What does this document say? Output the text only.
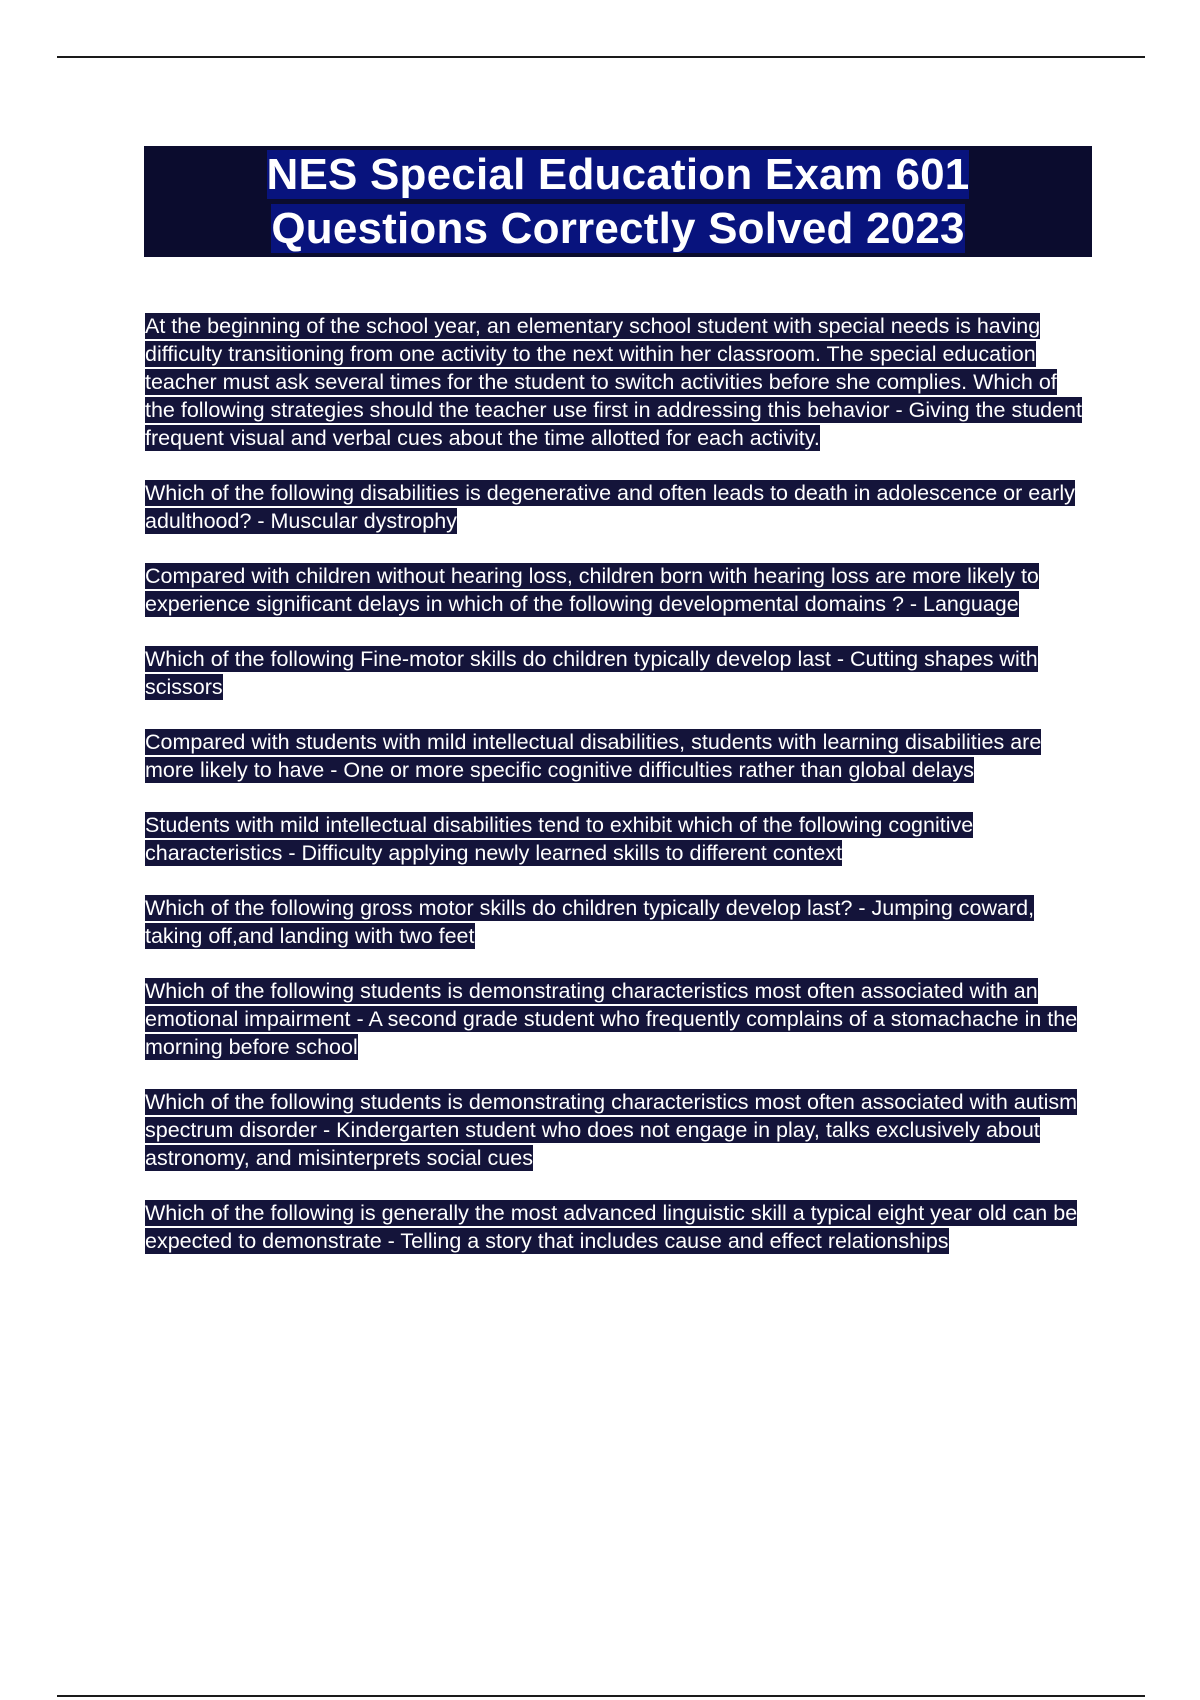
NES Special Education Exam 601
Questions Correctly Solved 2023

At the beginning of the school year, an elementary school student with special needs is having difficulty transitioning from one activity to the next within her classroom. The special education teacher must ask several times for the student to switch activities before she complies. Which of the following strategies should the teacher use first in addressing this behavior - Giving the student frequent visual and verbal cues about the time allotted for each activity.

Which of the following disabilities is degenerative and often leads to death in adolescence or early adulthood? - Muscular dystrophy

Compared with children without hearing loss, children born with hearing loss are more likely to experience significant delays in which of the following developmental domains ? - Language

Which of the following Fine-motor skills do children typically develop last - Cutting shapes with scissors

Compared with students with mild intellectual disabilities, students with learning disabilities are more likely to have - One or more specific cognitive difficulties rather than global delays

Students with mild intellectual disabilities tend to exhibit which of the following cognitive characteristics - Difficulty applying newly learned skills to different context

Which of the following gross motor skills do children typically develop last? - Jumping coward, taking off,and landing with two feet

Which of the following students is demonstrating characteristics most often associated with an emotional impairment - A second grade student who frequently complains of a stomachache in the morning before school

Which of the following students is demonstrating characteristics most often associated with autism spectrum disorder - Kindergarten student who does not engage in play, talks exclusively about astronomy, and misinterprets social cues

Which of the following is generally the most advanced linguistic skill a typical eight year old can be expected to demonstrate - Telling a story that includes cause and effect relationships
